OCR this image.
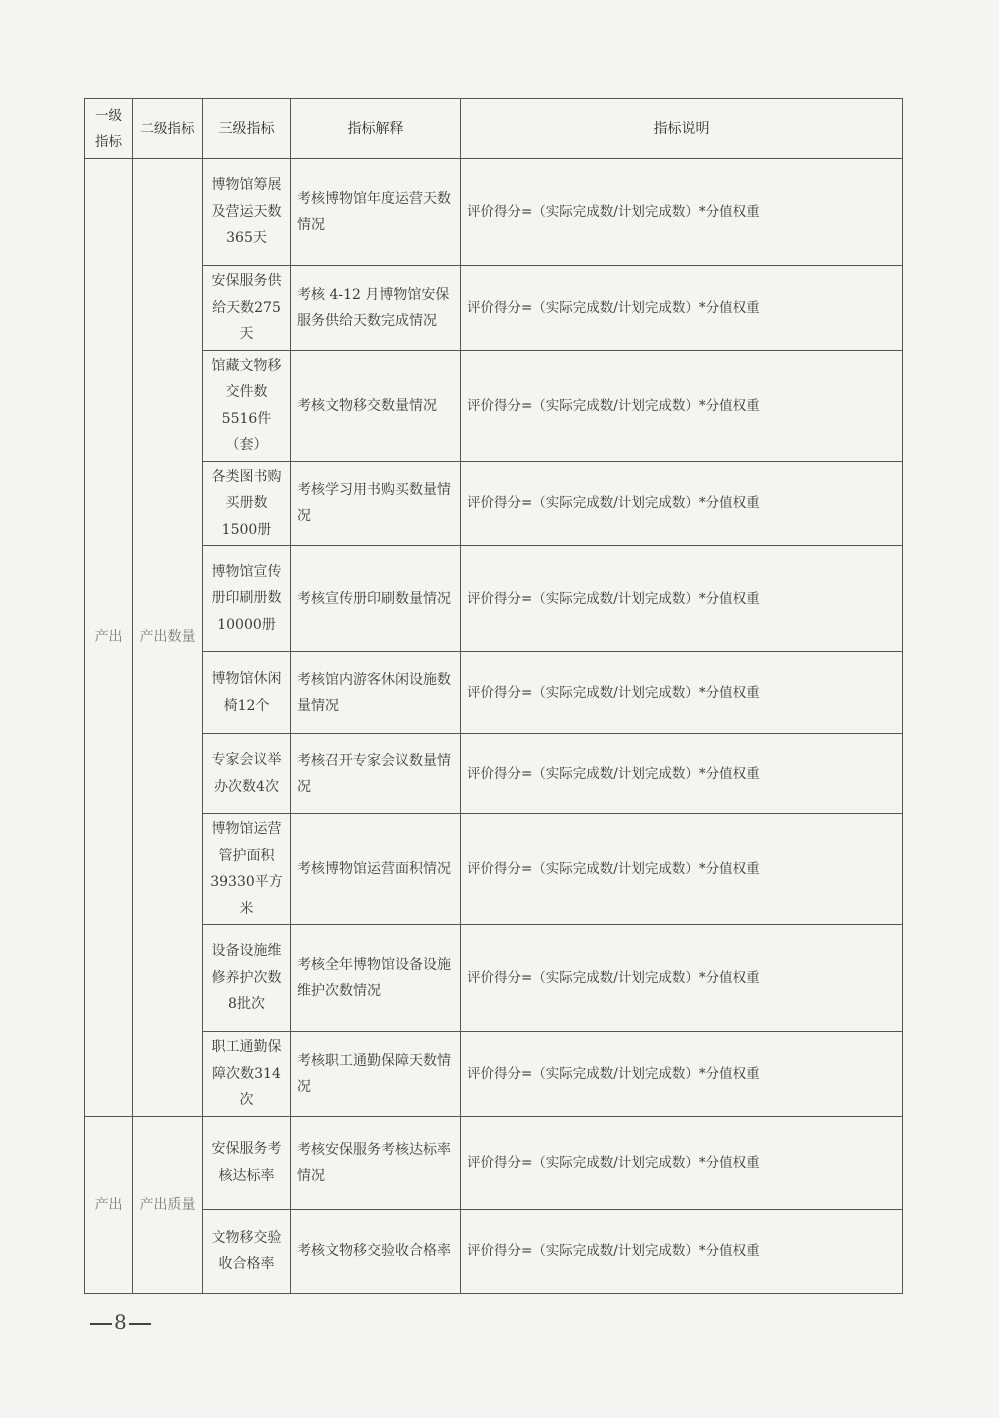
一级指标	二级指标	三级指标	指标解释	指标说明
产出	产出数量	博物馆筹展及营运天数365天	考核博物馆年度运营天数情况	评价得分=（实际完成数/计划完成数）*分值权重
		安保服务供给天数275天	考核 4-12 月博物馆安保服务供给天数完成情况	评价得分=（实际完成数/计划完成数）*分值权重
		馆藏文物移交件数5516件（套）	考核文物移交数量情况	评价得分=（实际完成数/计划完成数）*分值权重
		各类图书购买册数1500册	考核学习用书购买数量情况	评价得分=（实际完成数/计划完成数）*分值权重
		博物馆宣传册印刷册数10000册	考核宣传册印刷数量情况	评价得分=（实际完成数/计划完成数）*分值权重
		博物馆休闲椅12个	考核馆内游客休闲设施数量情况	评价得分=（实际完成数/计划完成数）*分值权重
		专家会议举办次数4次	考核召开专家会议数量情况	评价得分=（实际完成数/计划完成数）*分值权重
		博物馆运营管护面积39330平方米	考核博物馆运营面积情况	评价得分=（实际完成数/计划完成数）*分值权重
		设备设施维修养护次数8批次	考核全年博物馆设备设施维护次数情况	评价得分=（实际完成数/计划完成数）*分值权重
		职工通勤保障次数314次	考核职工通勤保障天数情况	评价得分=（实际完成数/计划完成数）*分值权重
产出	产出质量	安保服务考核达标率	考核安保服务考核达标率情况	评价得分=（实际完成数/计划完成数）*分值权重
		文物移交验收合格率	考核文物移交验收合格率	评价得分=（实际完成数/计划完成数）*分值权重
8
